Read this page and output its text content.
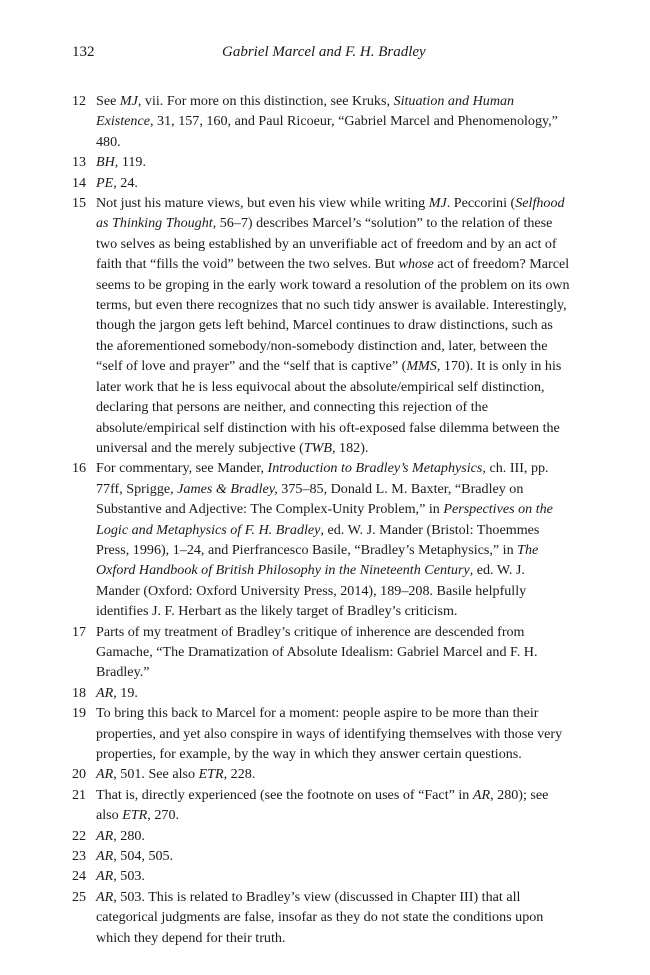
132	Gabriel Marcel and F. H. Bradley
12 See MJ, vii. For more on this distinction, see Kruks, Situation and Human Existence, 31, 157, 160, and Paul Ricoeur, “Gabriel Marcel and Phenomenology,” 480.
13 BH, 119.
14 PE, 24.
15 Not just his mature views, but even his view while writing MJ. Peccorini (Selfhood as Thinking Thought, 56–7) describes Marcel’s “solution” to the relation of these two selves as being established by an unverifiable act of freedom and by an act of faith that “fills the void” between the two selves. But whose act of freedom? Marcel seems to be groping in the early work toward a resolution of the problem on its own terms, but even there recognizes that no such tidy answer is available. Interestingly, though the jargon gets left behind, Marcel continues to draw distinctions, such as the aforementioned somebody/non-somebody distinction and, later, between the “self of love and prayer” and the “self that is captive” (MMS, 170). It is only in his later work that he is less equivocal about the absolute/empirical self distinction, declaring that persons are neither, and connecting this rejection of the absolute/empirical self distinction with his oft-exposed false dilemma between the universal and the merely subjective (TWB, 182).
16 For commentary, see Mander, Introduction to Bradley’s Metaphysics, ch. III, pp. 77ff, Sprigge, James & Bradley, 375–85, Donald L. M. Baxter, “Bradley on Substantive and Adjective: The Complex-Unity Problem,” in Perspectives on the Logic and Metaphysics of F. H. Bradley, ed. W. J. Mander (Bristol: Thoemmes Press, 1996), 1–24, and Pierfrancesco Basile, “Bradley’s Metaphysics,” in The Oxford Handbook of British Philosophy in the Nineteenth Century, ed. W. J. Mander (Oxford: Oxford University Press, 2014), 189–208. Basile helpfully identifies J. F. Herbart as the likely target of Bradley’s criticism.
17 Parts of my treatment of Bradley’s critique of inherence are descended from Gamache, “The Dramatization of Absolute Idealism: Gabriel Marcel and F. H. Bradley.”
18 AR, 19.
19 To bring this back to Marcel for a moment: people aspire to be more than their properties, and yet also conspire in ways of identifying themselves with those very properties, for example, by the way in which they answer certain questions.
20 AR, 501. See also ETR, 228.
21 That is, directly experienced (see the footnote on uses of “Fact” in AR, 280); see also ETR, 270.
22 AR, 280.
23 AR, 504, 505.
24 AR, 503.
25 AR, 503. This is related to Bradley’s view (discussed in Chapter III) that all categorical judgments are false, insofar as they do not state the conditions upon which they depend for their truth.
